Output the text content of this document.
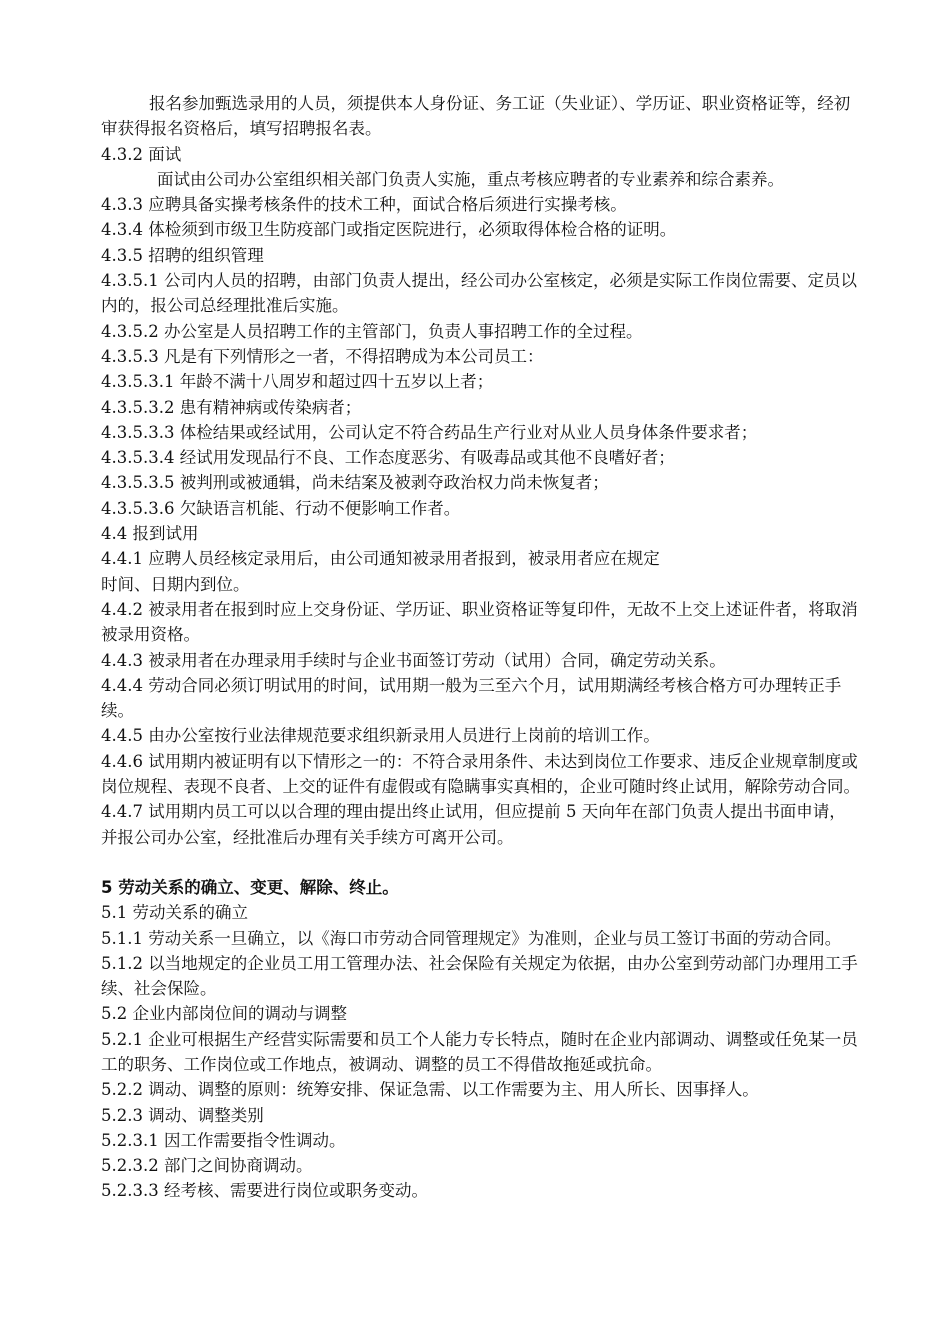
报名参加甄选录用的人员，须提供本人身份证、务工证（失业证）、学历证、职业资格证等，经初审获得报名资格后，填写招聘报名表。

4.3.2 面试

面试由公司办公室组织相关部门负责人实施，重点考核应聘者的专业素养和综合素养。

4.3.3 应聘具备实操考核条件的技术工种，面试合格后须进行实操考核。

4.3.4 体检须到市级卫生防疫部门或指定医院进行，必须取得体检合格的证明。

4.3.5 招聘的组织管理

4.3.5.1 公司内人员的招聘，由部门负责人提出，经公司办公室核定，必须是实际工作岗位需要、定员以内的，报公司总经理批准后实施。

4.3.5.2 办公室是人员招聘工作的主管部门，负责人事招聘工作的全过程。

4.3.5.3 凡是有下列情形之一者，不得招聘成为本公司员工：

4.3.5.3.1 年龄不满十八周岁和超过四十五岁以上者；

4.3.5.3.2 患有精神病或传染病者；

4.3.5.3.3 体检结果或经试用，公司认定不符合药品生产行业对从业人员身体条件要求者；

4.3.5.3.4 经试用发现品行不良、工作态度恶劣、有吸毒品或其他不良嗜好者；

4.3.5.3.5 被判刑或被通辑，尚未结案及被剥夺政治权力尚未恢复者；

4.3.5.3.6 欠缺语言机能、行动不便影响工作者。

4.4 报到试用

4.4.1 应聘人员经核定录用后，由公司通知被录用者报到，被录用者应在规定

时间、日期内到位。

4.4.2 被录用者在报到时应上交身份证、学历证、职业资格证等复印件，无故不上交上述证件者，将取消被录用资格。

4.4.3 被录用者在办理录用手续时与企业书面签订劳动（试用）合同，确定劳动关系。

4.4.4 劳动合同必须订明试用的时间，试用期一般为三至六个月，试用期满经考核合格方可办理转正手续。

4.4.5 由办公室按行业法律规范要求组织新录用人员进行上岗前的培训工作。

4.4.6 试用期内被证明有以下情形之一的：不符合录用条件、未达到岗位工作要求、违反企业规章制度或岗位规程、表现不良者、上交的证件有虚假或有隐瞒事实真相的，企业可随时终止试用，解除劳动合同。

4.4.7 试用期内员工可以以合理的理由提出终止试用，但应提前 5 天向年在部门负责人提出书面申请，并报公司办公室，经批准后办理有关手续方可离开公司。

5 劳动关系的确立、变更、解除、终止。

5.1 劳动关系的确立

5.1.1 劳动关系一旦确立，以《海口市劳动合同管理规定》为准则，企业与员工签订书面的劳动合同。

5.1.2 以当地规定的企业员工用工管理办法、社会保险有关规定为依据，由办公室到劳动部门办理用工手续、社会保险。

5.2 企业内部岗位间的调动与调整

5.2.1 企业可根据生产经营实际需要和员工个人能力专长特点，随时在企业内部调动、调整或任免某一员工的职务、工作岗位或工作地点，被调动、调整的员工不得借故拖延或抗命。

5.2.2 调动、调整的原则：统筹安排、保证急需、以工作需要为主、用人所长、因事择人。

5.2.3 调动、调整类别

5.2.3.1 因工作需要指令性调动。

5.2.3.2 部门之间协商调动。

5.2.3.3 经考核、需要进行岗位或职务变动。
